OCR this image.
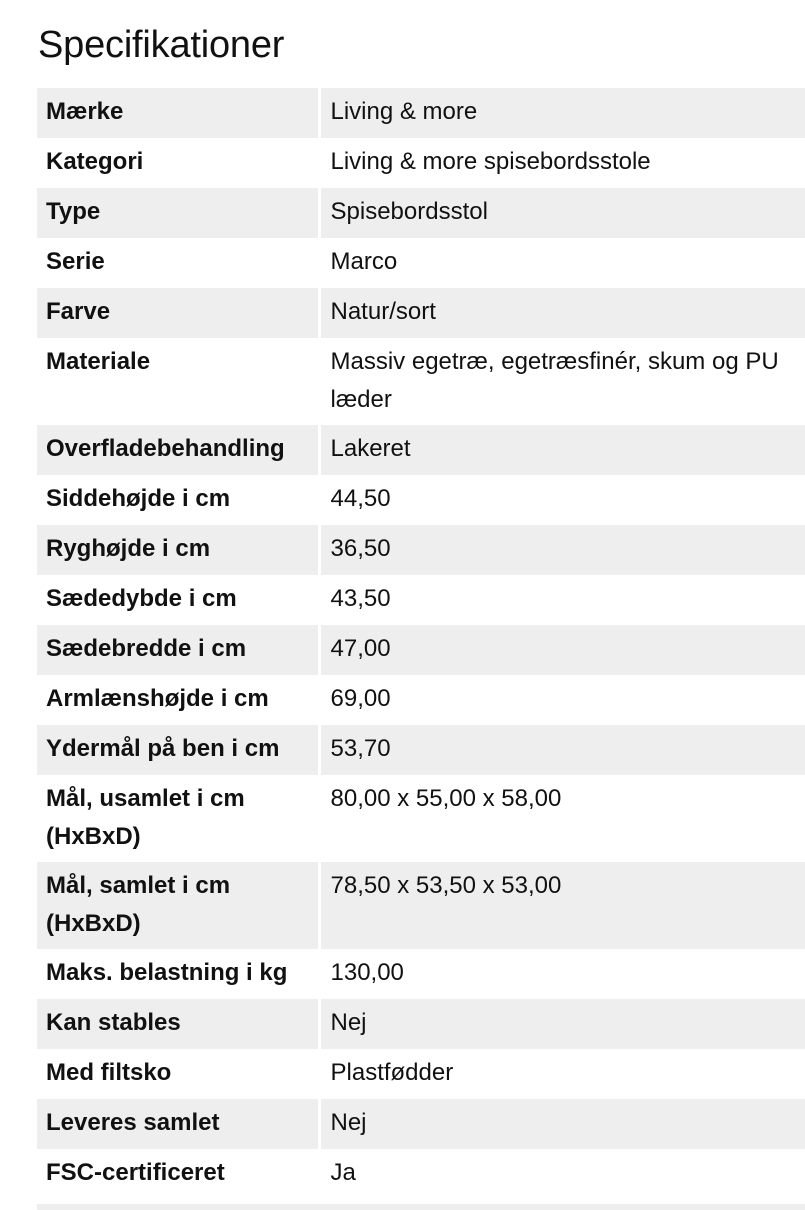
Specifikationer
Mærke	Living & more

Kategori	Living & more spisebordsstole

Type	Spisebordsstol

Serie	Marco

Farve	Natur/sort

Materiale	Massiv egetræ, egetræsfinér, skum og PU læder

Overfladebehandling	Lakeret

Siddehøjde i cm	44,50

Ryghøjde i cm	36,50

Sædedybde i cm	43,50

Sædebredde i cm	47,00

Armlænshøjde i cm	69,00

Ydermål på ben i cm	53,70

Mål, usamlet i cm (HxBxD)	80,00 x 55,00 x 58,00

Mål, samlet i cm (HxBxD)	78,50 x 53,50 x 53,00

Maks. belastning i kg	130,00

Kan stables	Nej

Med filtsko	Plastfødder

Leveres samlet	Nej

FSC-certificeret	Ja
